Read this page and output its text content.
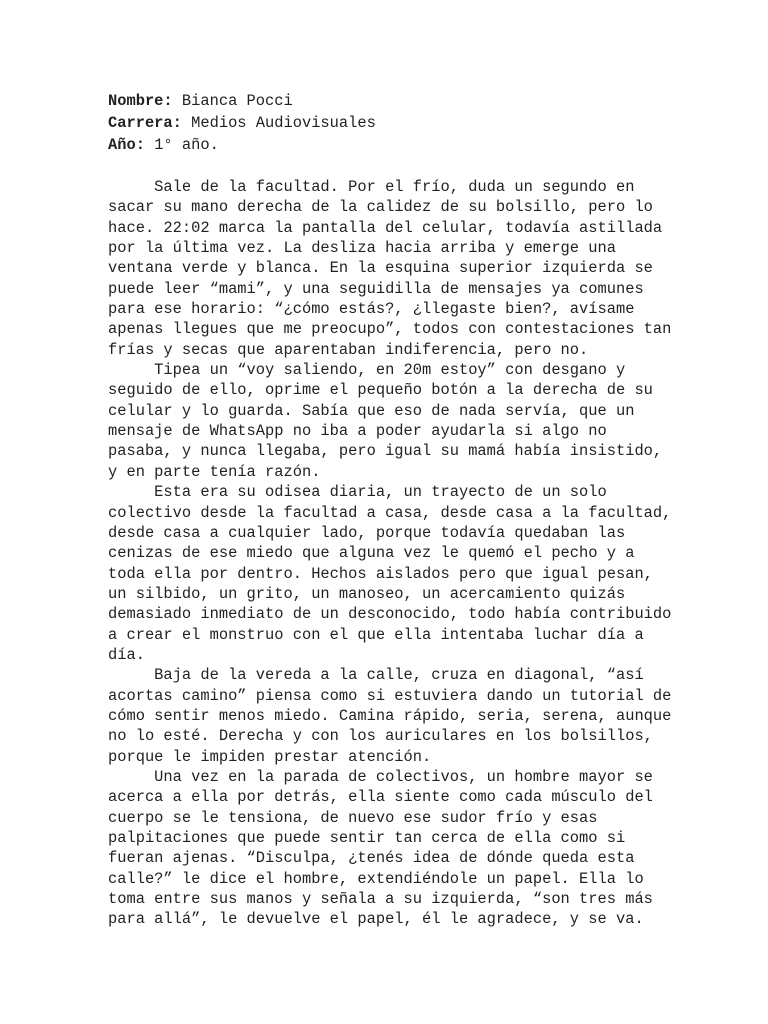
Nombre: Bianca Pocci
Carrera: Medios Audiovisuales
Año: 1° año.
Sale de la facultad. Por el frío, duda un segundo en
sacar su mano derecha de la calidez de su bolsillo, pero lo
hace. 22:02 marca la pantalla del celular, todavía astillada
por la última vez. La desliza hacia arriba y emerge una
ventana verde y blanca. En la esquina superior izquierda se
puede leer “mami”, y una seguidilla de mensajes ya comunes
para ese horario: “¿cómo estás?, ¿llegaste bien?, avísame
apenas llegues que me preocupo”, todos con contestaciones tan
frías y secas que aparentaban indiferencia, pero no.
Tipea un “voy saliendo, en 20m estoy” con desgano y
seguido de ello, oprime el pequeño botón a la derecha de su
celular y lo guarda. Sabía que eso de nada servía, que un
mensaje de WhatsApp no iba a poder ayudarla si algo no
pasaba, y nunca llegaba, pero igual su mamá había insistido,
y en parte tenía razón.
Esta era su odisea diaria, un trayecto de un solo
colectivo desde la facultad a casa, desde casa a la facultad,
desde casa a cualquier lado, porque todavía quedaban las
cenizas de ese miedo que alguna vez le quemó el pecho y a
toda ella por dentro. Hechos aislados pero que igual pesan,
un silbido, un grito, un manoseo, un acercamiento quizás
demasiado inmediato de un desconocido, todo había contribuido
a crear el monstruo con el que ella intentaba luchar día a
día.
Baja de la vereda a la calle, cruza en diagonal, “así
acortas camino” piensa como si estuviera dando un tutorial de
cómo sentir menos miedo. Camina rápido, seria, serena, aunque
no lo esté. Derecha y con los auriculares en los bolsillos,
porque le impiden prestar atención.
Una vez en la parada de colectivos, un hombre mayor se
acerca a ella por detrás, ella siente como cada músculo del
cuerpo se le tensiona, de nuevo ese sudor frío y esas
palpitaciones que puede sentir tan cerca de ella como si
fueran ajenas. “Disculpa, ¿tenés idea de dónde queda esta
calle?” le dice el hombre, extendiéndole un papel. Ella lo
toma entre sus manos y señala a su izquierda, “son tres más
para allá”, le devuelve el papel, él le agradece, y se va.
